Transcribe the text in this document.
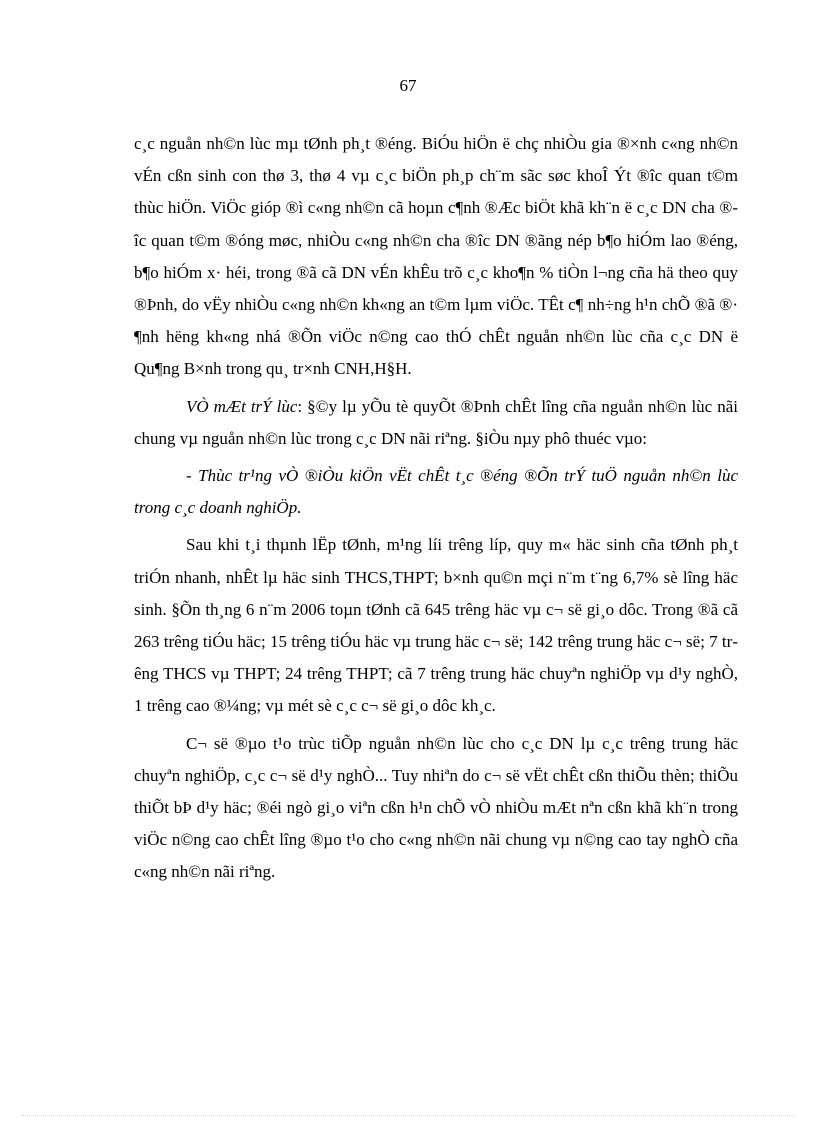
67

c¸c nguån nh©n lùc mµ tØnh ph¸t ®éng. BiÓu hiÖn ë chç nhiÒu gia ®×nh c«ng nh©n vÉn cßn sinh con thø 3, thø 4 vµ c¸c biÖn ph¸p ch¨m sãc søc khoÎ Ýt ®îc quan t©m thùc hiÖn. ViÖc gióp ®ì c«ng nh©n cã hoµn c¶nh ®Æc biÖt khã kh¨n ë c¸c DN cha ®îc quan t©m ®óng møc, nhiÒu c«ng nh©n cha ®îc DN ®ãng nép b¶o hiÓm lao ®éng, b¶o hiÓm x· héi, trong ®ã cã DN vÉn khÊu trõ c¸c kho¶n % tiÒn l¬ng cña hä theo quy ®Þnh, do vËy nhiÒu c«ng nh©n kh«ng an t©m lµm viÖc. TÊt c¶ nh÷ng h¹n chÕ ®ã ®· ¶nh hëng kh«ng nhá ®Õn viÖc n©ng cao thÓ chÊt nguån nh©n lùc cña c¸c DN ë Qu¶ng B×nh trong qu¸ tr×nh CNH,H§H.

VÒ mÆt trÝ lùc: §©y lµ yÕu tè quyÕt ®Þnh chÊt lîng cña nguån nh©n lùc nãi chung vµ nguån nh©n lùc trong c¸c DN nãi riªng. §iÒu nµy phô thuéc vµo:

- Thùc tr¹ng vÒ ®iÒu kiÖn vËt chÊt t¸c ®éng ®Õn trÝ tuÖ nguån nh©n lùc trong c¸c doanh nghiÖp.

Sau khi t¸i thµnh lËp tØnh, m¹ng líi trêng líp, quy m« häc sinh cña tØnh ph¸t triÓn nhanh, nhÊt lµ häc sinh THCS,THPT; b×nh qu©n mçi n¨m t¨ng 6,7% sè lîng häc sinh. §Õn th¸ng 6 n¨m 2006 toµn tØnh cã 645 trêng häc vµ c¬ së gi¸o dôc. Trong ®ã cã 263 trêng tiÓu häc; 15 trêng tiÓu häc vµ trung häc c¬ së; 142 trêng trung häc c¬ së; 7 trêng THCS vµ THPT; 24 trêng THPT; cã 7 trêng trung häc chuyªn nghiÖp vµ d¹y nghÒ, 1 trêng cao ®¼ng; vµ mét sè c¸c c¬ së gi¸o dôc kh¸c.

C¬ së ®µo t¹o trùc tiÕp nguån nh©n lùc cho c¸c DN lµ c¸c trêng trung häc chuyªn nghiÖp, c¸c c¬ së d¹y nghÒ... Tuy nhiªn do c¬ së vËt chÊt cßn thiÕu thèn; thiÕu thiÕt bÞ d¹y häc; ®éi ngò gi¸o viªn cßn h¹n chÕ vÒ nhiÒu mÆt nªn cßn khã kh¨n trong viÖc n©ng cao chÊt lîng ®µo t¹o cho c«ng nh©n nãi chung vµ n©ng cao tay nghÒ cña c«ng nh©n nãi riªng.
